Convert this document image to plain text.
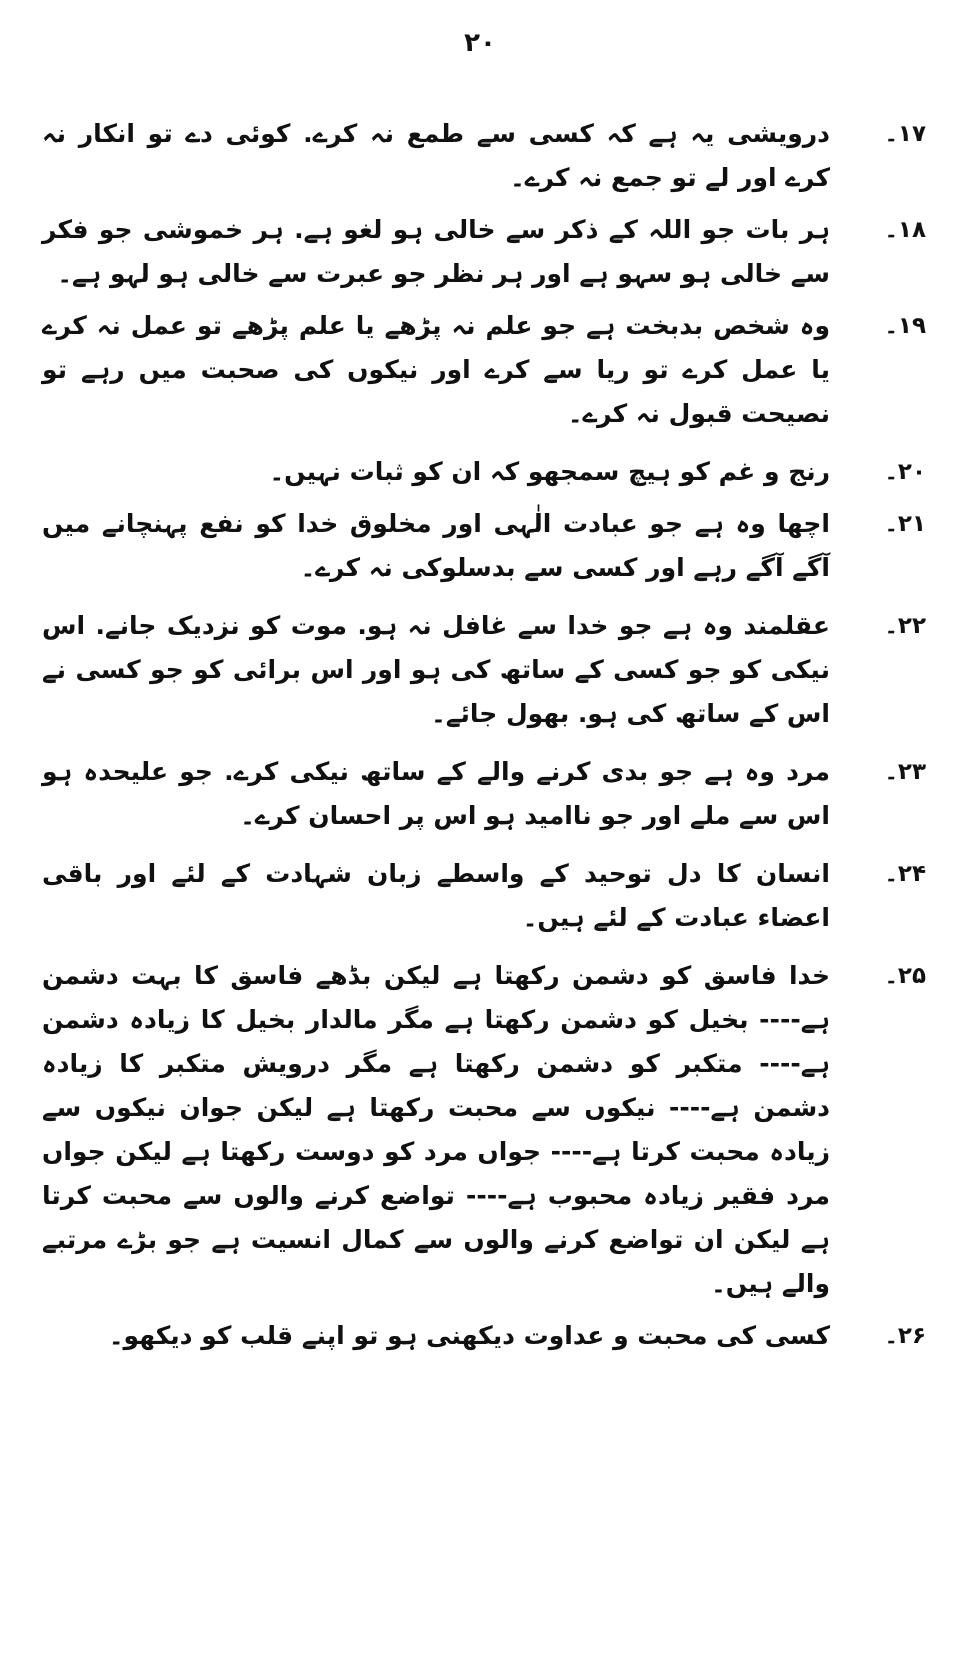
۲۰
۱۷۔
درویشی یہ ہے کہ کسی سے طمع نہ کرے. کوئی دے تو انکار نہ کرے اور لے تو جمع نہ کرے۔
۱۸۔
ہر بات جو اللہ کے ذکر سے خالی ہو لغو ہے. ہر خموشی جو فکر سے خالی ہو سہو ہے اور ہر نظر جو عبرت سے خالی ہو لہو ہے۔
۱۹۔
وہ شخص بدبخت ہے جو علم نہ پڑھے یا علم پڑھے تو عمل نہ کرے یا عمل کرے تو ریا سے کرے اور نیکوں کی صحبت میں رہے تو نصیحت قبول نہ کرے۔
۲۰۔
رنج و غم کو ہیچ سمجھو کہ ان کو ثبات نہیں۔
۲۱۔
اچھا وہ ہے جو عبادت الٰہی اور مخلوق خدا کو نفع پہنچانے میں آگے آگے رہے اور کسی سے بدسلوکی نہ کرے۔
۲۲۔
عقلمند وہ ہے جو خدا سے غافل نہ ہو. موت کو نزدیک جانے. اس نیکی کو جو کسی کے ساتھ کی ہو اور اس برائی کو جو کسی نے اس کے ساتھ کی ہو. بھول جائے۔
۲۳۔
مرد وہ ہے جو بدی کرنے والے کے ساتھ نیکی کرے. جو علیحدہ ہو اس سے ملے اور جو ناامید ہو اس پر احسان کرے۔
۲۴۔
انسان کا دل توحید کے واسطے زبان شہادت کے لئے اور باقی اعضاء عبادت کے لئے ہیں۔
۲۵۔
خدا فاسق کو دشمن رکھتا ہے لیکن بڈھے فاسق کا بہت دشمن ہے---- بخیل کو دشمن رکھتا ہے مگر مالدار بخیل کا زیادہ دشمن ہے---- متکبر کو دشمن رکھتا ہے مگر درویش متکبر کا زیادہ دشمن ہے---- نیکوں سے محبت رکھتا ہے لیکن جوان نیکوں سے زیادہ محبت کرتا ہے---- جواں مرد کو دوست رکھتا ہے لیکن جواں مرد فقیر زیادہ محبوب ہے---- تواضع کرنے والوں سے محبت کرتا ہے لیکن ان تواضع کرنے والوں سے کمال انسیت ہے جو بڑے مرتبے والے ہیں۔
۲۶۔
کسی کی محبت و عداوت دیکھنی ہو تو اپنے قلب کو دیکھو۔
